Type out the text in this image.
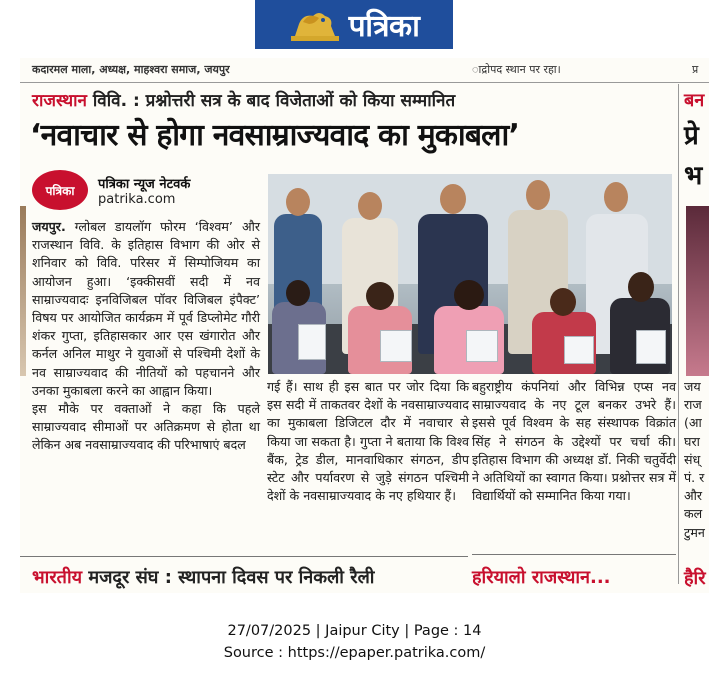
पत्रिका
कदारमल माला, अध्यक्ष, माहश्वरा समाज, जयपुर	ाद्रोपद स्थान पर रहा।	प्र
राजस्थान विवि. : प्रश्नोत्तरी सत्र के बाद विजेताओं को किया सम्मानित
‘नवाचार से होगा नवसाम्राज्यवाद का मुकाबला’
पत्रिका	पत्रिका न्यूज नेटवर्क
patrika.com

जयपुर. ग्लोबल डायलॉग फोरम ‘विश्वम’ और राजस्थान विवि. के इतिहास विभाग की ओर से शनिवार को विवि. परिसर में सिम्पोजियम का आयोजन हुआ। ‘इक्कीसवीं सदी में नव साम्राज्यवादः इनविजिबल पॉवर विजिबल इंपैक्ट’ विषय पर आयोजित कार्यक्रम में पूर्व डिप्लोमेट गौरी शंकर गुप्ता, इतिहासकार आर एस खंगारोत और कर्नल अनिल माथुर ने युवाओं से पश्चिमी देशों के नव साम्राज्यवाद की नीतियों को पहचानने और उनका मुकाबला करने का आह्वान किया।

इस मौके पर वक्ताओं ने कहा कि पहले साम्राज्यवाद सीमाओं पर अतिक्रमण से होता था लेकिन अब नवसाम्राज्यवाद की परिभाषाएं बदल

गई हैं। साथ ही इस बात पर जोर दिया कि इस सदी में ताकतवर देशों के नवसाम्राज्यवाद का मुकाबला डिजिटल दौर में नवाचार से किया जा सकता है। गुप्ता ने बताया कि विश्व बैंक, ट्रेड डील, मानवाधिकार संगठन, डीप स्टेट और पर्यावरण से जुड़े संगठन पश्चिमी देशों के नवसाम्राज्यवाद के नए हथियार हैं।
बहुराष्ट्रीय कंपनियां और विभिन्न एप्स नव साम्राज्यवाद के नए टूल बनकर उभरे हैं। इससे पूर्व विश्वम के सह संस्थापक विक्रांत सिंह ने संगठन के उद्देश्यों पर चर्चा की। इतिहास विभाग की अध्यक्ष डॉ. निकी चतुर्वेदी ने अतिथियों का स्वागत किया। प्रश्नोत्तर सत्र में विद्यार्थियों को सम्मानित किया गया।
बन
प्रे
भ
जय
राज
(आ
घरा
संध्
पं. र
और
कल
टुमन
हैरि
भारतीय मजदूर संघ : स्थापना दिवस पर निकली रैली	हरियालो राजस्थान...
27/07/2025 | Jaipur City | Page : 14
Source : https://epaper.patrika.com/
